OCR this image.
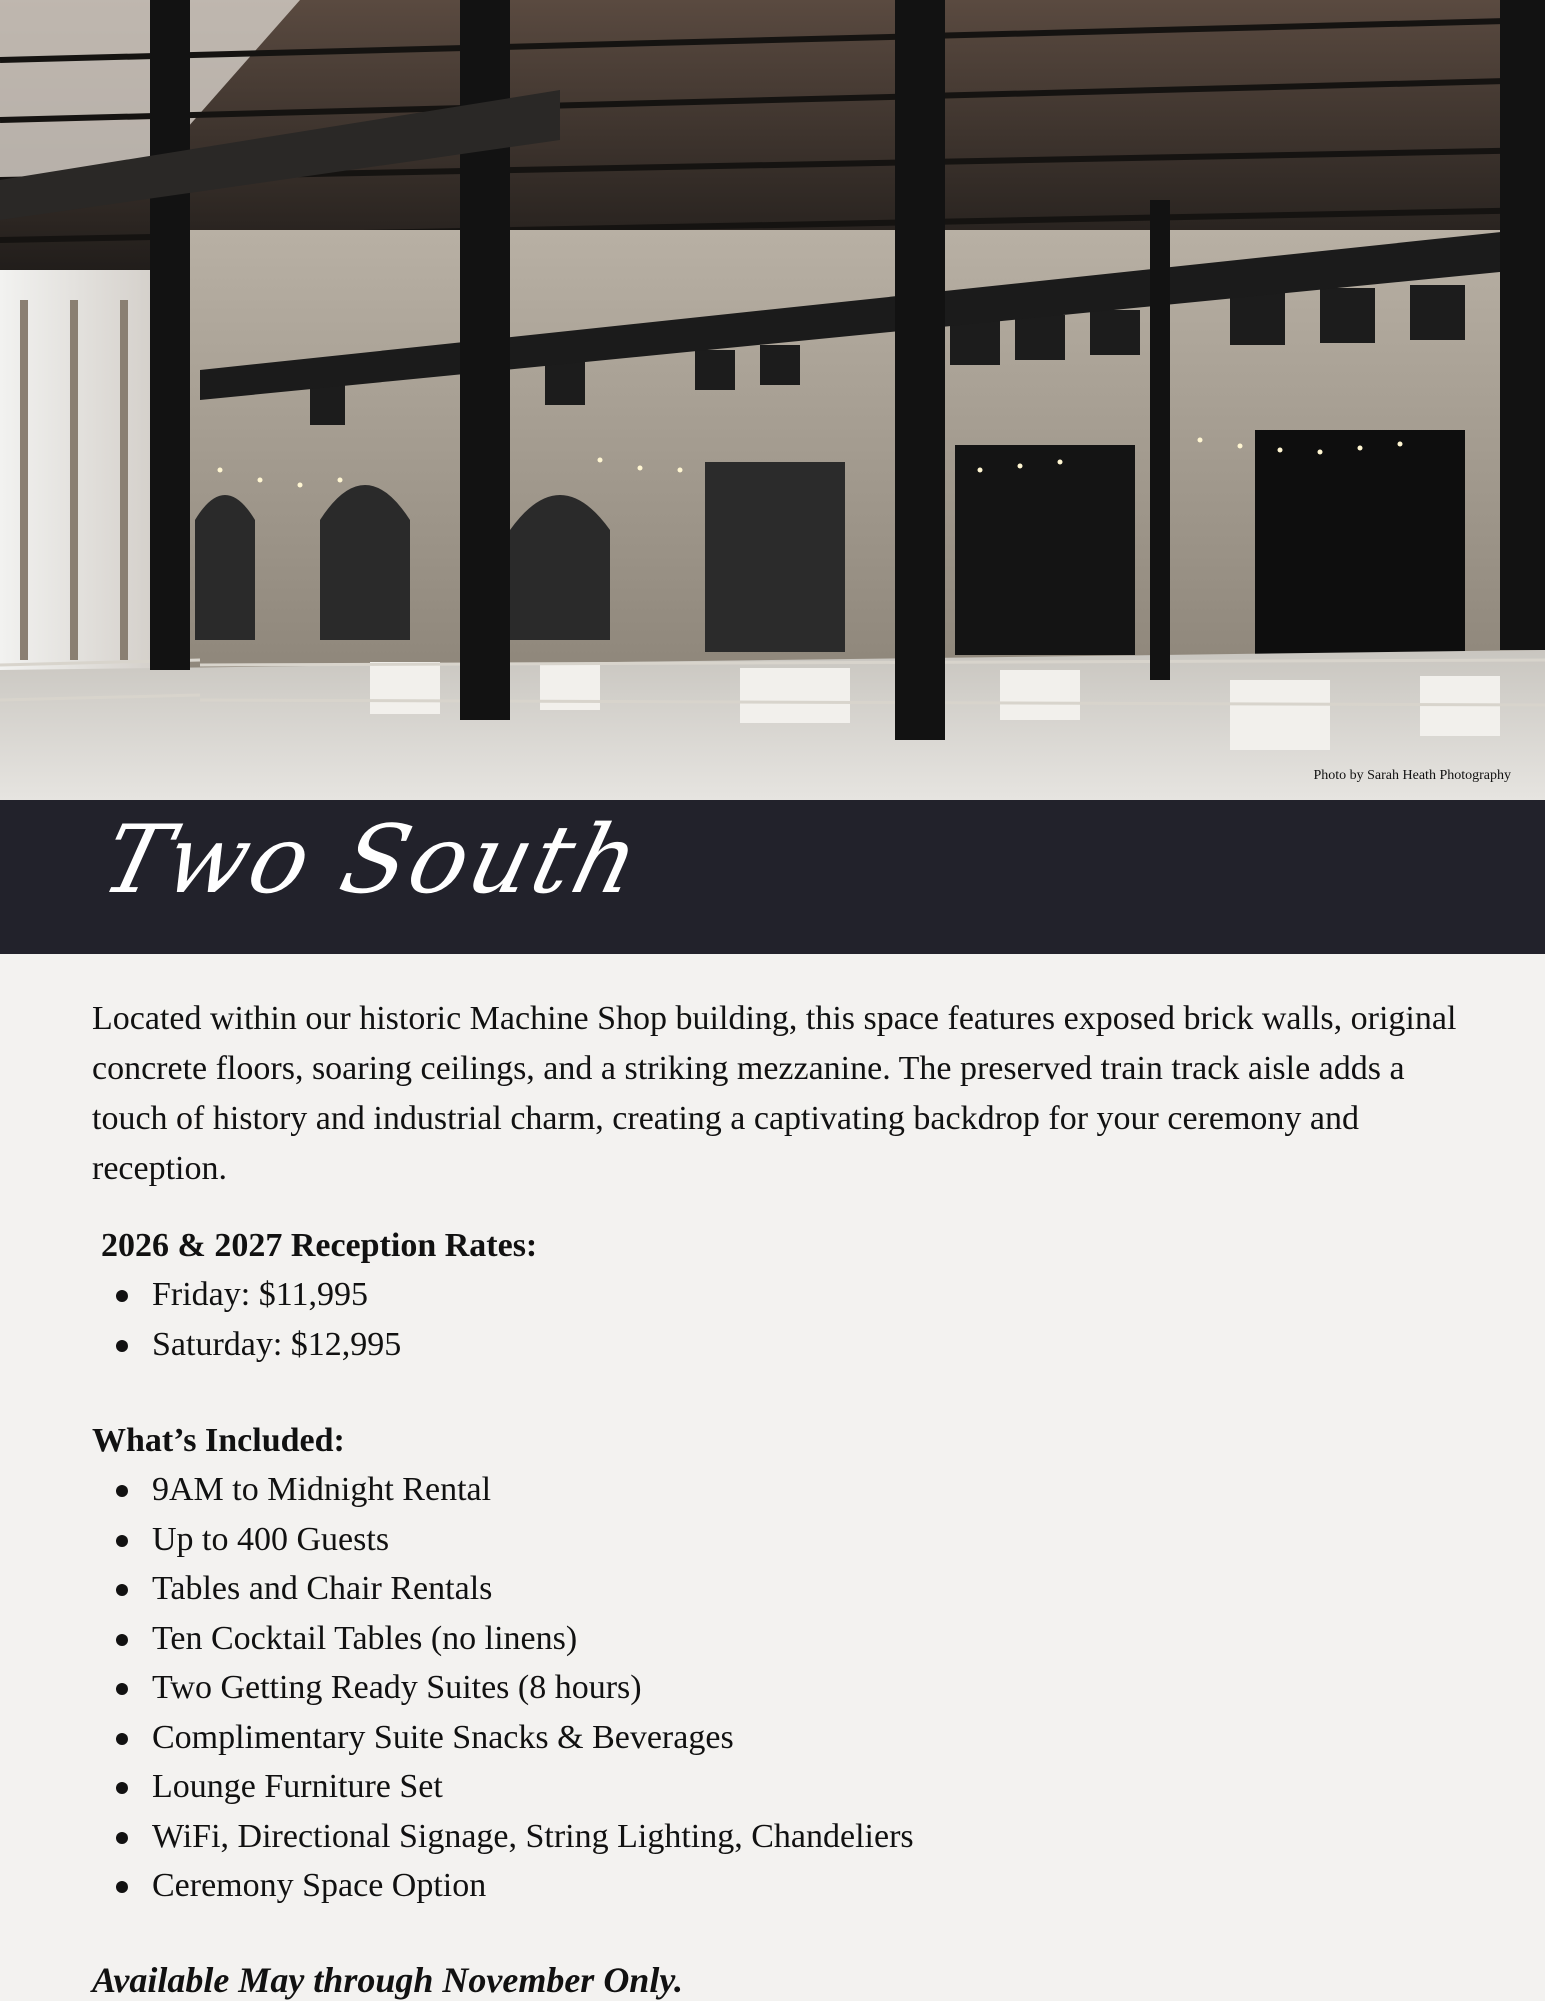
Photo by Sarah Heath Photography
Two South

Located within our historic Machine Shop building, this space features exposed brick walls, original concrete floors, soaring ceilings, and a striking mezzanine. The preserved train track aisle adds a touch of history and industrial charm, creating a captivating backdrop for your ceremony and reception.

2026 & 2027 Reception Rates:
Friday: $11,995
Saturday: $12,995
What’s Included:
9AM to Midnight Rental
Up to 400 Guests
Tables and Chair Rentals
Ten Cocktail Tables (no linens)
Two Getting Ready Suites (8 hours)
Complimentary Suite Snacks & Beverages
Lounge Furniture Set
WiFi, Directional Signage, String Lighting, Chandeliers
Ceremony Space Option
Available May through November Only.
